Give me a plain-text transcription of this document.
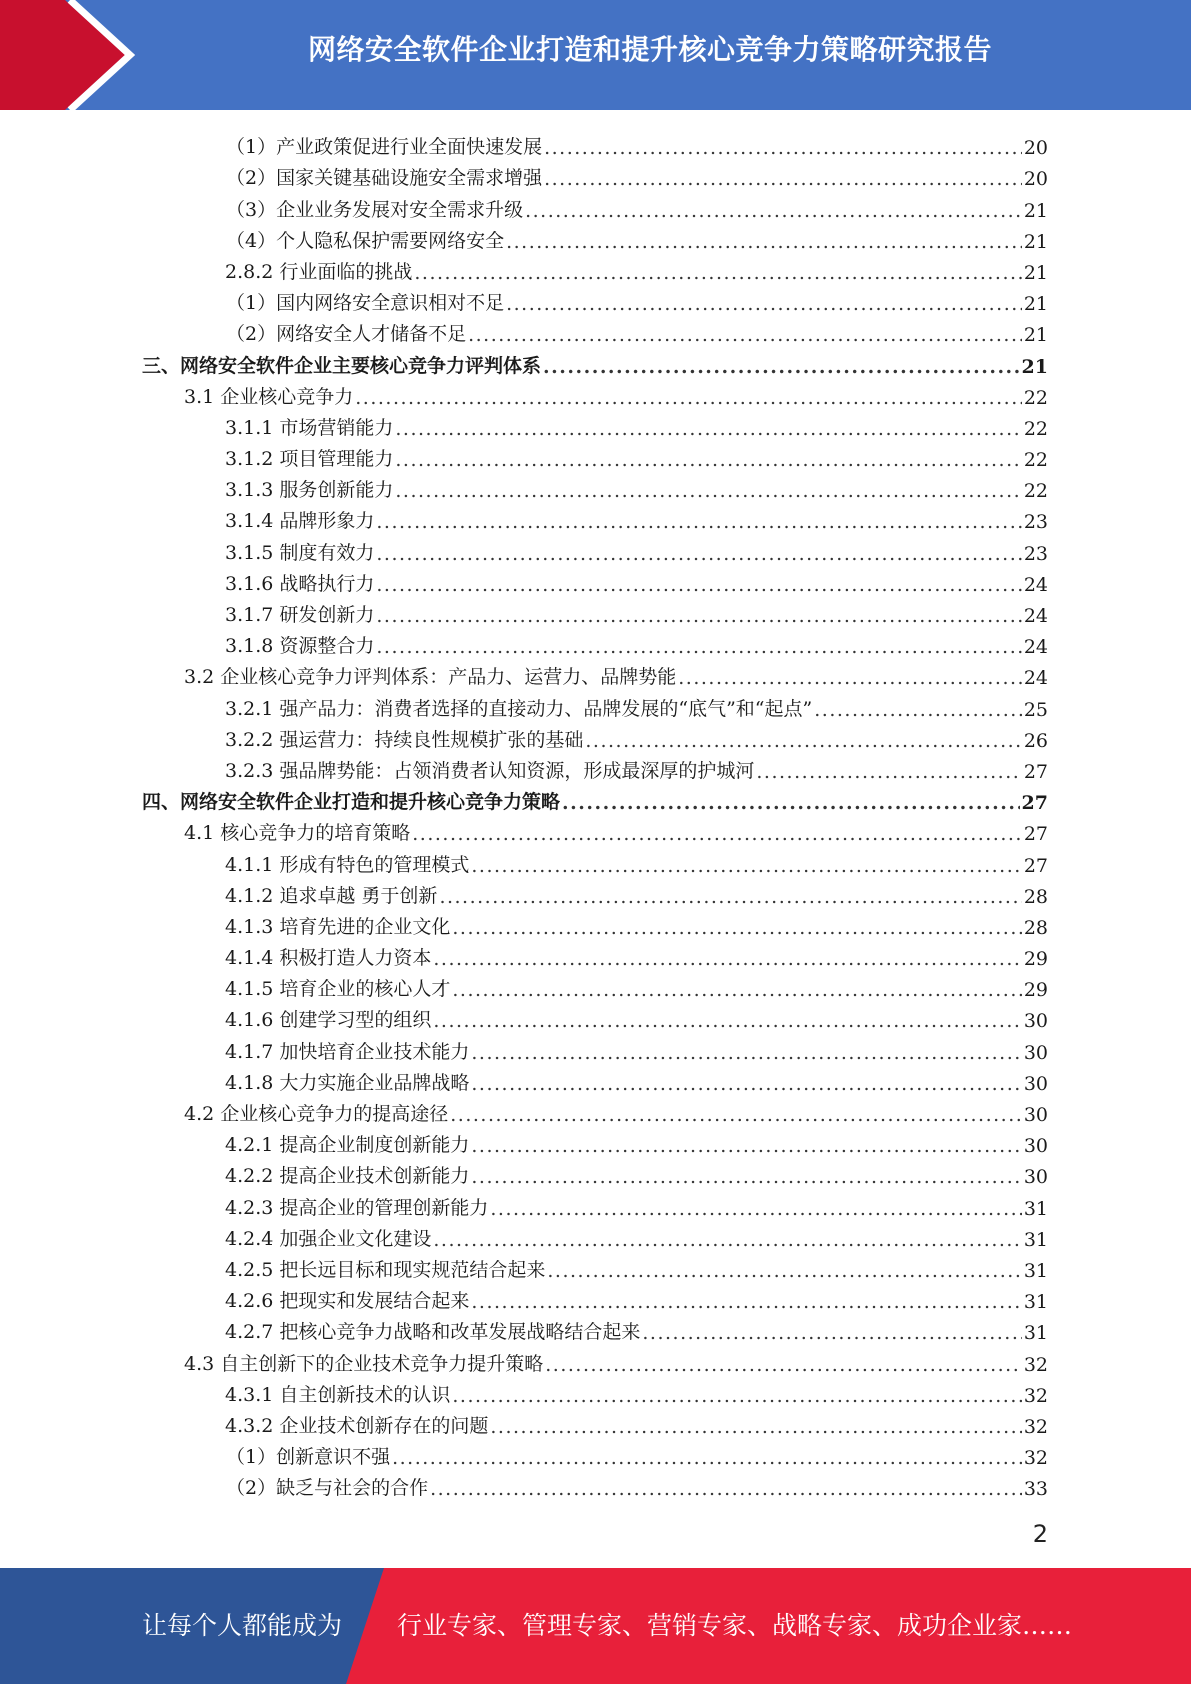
网络安全软件企业打造和提升核心竞争力策略研究报告
（1）产业政策促进行业全面快速发展 .....	20
（2）国家关键基础设施安全需求增强 .....	20
（3）企业业务发展对安全需求升级 .....	21
（4）个人隐私保护需要网络安全 .....	21
2.8.2 行业面临的挑战 .....	21
（1）国内网络安全意识相对不足 .....	21
（2）网络安全人才储备不足 .....	21
三、网络安全软件企业主要核心竞争力评判体系 .....	21
3.1 企业核心竞争力 .....	22
3.1.1 市场营销能力 .....	22
3.1.2 项目管理能力 .....	22
3.1.3 服务创新能力 .....	22
3.1.4 品牌形象力 .....	23
3.1.5 制度有效力 .....	23
3.1.6 战略执行力 .....	24
3.1.7 研发创新力 .....	24
3.1.8 资源整合力 .....	24
3.2 企业核心竞争力评判体系：产品力、运营力、品牌势能 .....	24
3.2.1 强产品力：消费者选择的直接动力、品牌发展的“底气”和“起点” .....	25
3.2.2 强运营力：持续良性规模扩张的基础 .....	26
3.2.3 强品牌势能：占领消费者认知资源，形成最深厚的护城河 .....	27
四、网络安全软件企业打造和提升核心竞争力策略 .....	27
4.1 核心竞争力的培育策略 .....	27
4.1.1 形成有特色的管理模式 .....	27
4.1.2 追求卓越 勇于创新 .....	28
4.1.3 培育先进的企业文化 .....	28
4.1.4 积极打造人力资本 .....	29
4.1.5 培育企业的核心人才 .....	29
4.1.6 创建学习型的组织 .....	30
4.1.7 加快培育企业技术能力 .....	30
4.1.8 大力实施企业品牌战略 .....	30
4.2 企业核心竞争力的提高途径 .....	30
4.2.1 提高企业制度创新能力 .....	30
4.2.2 提高企业技术创新能力 .....	30
4.2.3 提高企业的管理创新能力 .....	31
4.2.4 加强企业文化建设 .....	31
4.2.5 把长远目标和现实规范结合起来 .....	31
4.2.6 把现实和发展结合起来 .....	31
4.2.7 把核心竞争力战略和改革发展战略结合起来 .....	31
4.3 自主创新下的企业技术竞争力提升策略 .....	32
4.3.1 自主创新技术的认识 .....	32
4.3.2 企业技术创新存在的问题 .....	32
（1）创新意识不强 .....	32
（2）缺乏与社会的合作 .....	33
2
让每个人都能成为 行业专家、管理专家、营销专家、战略专家、成功企业家……
